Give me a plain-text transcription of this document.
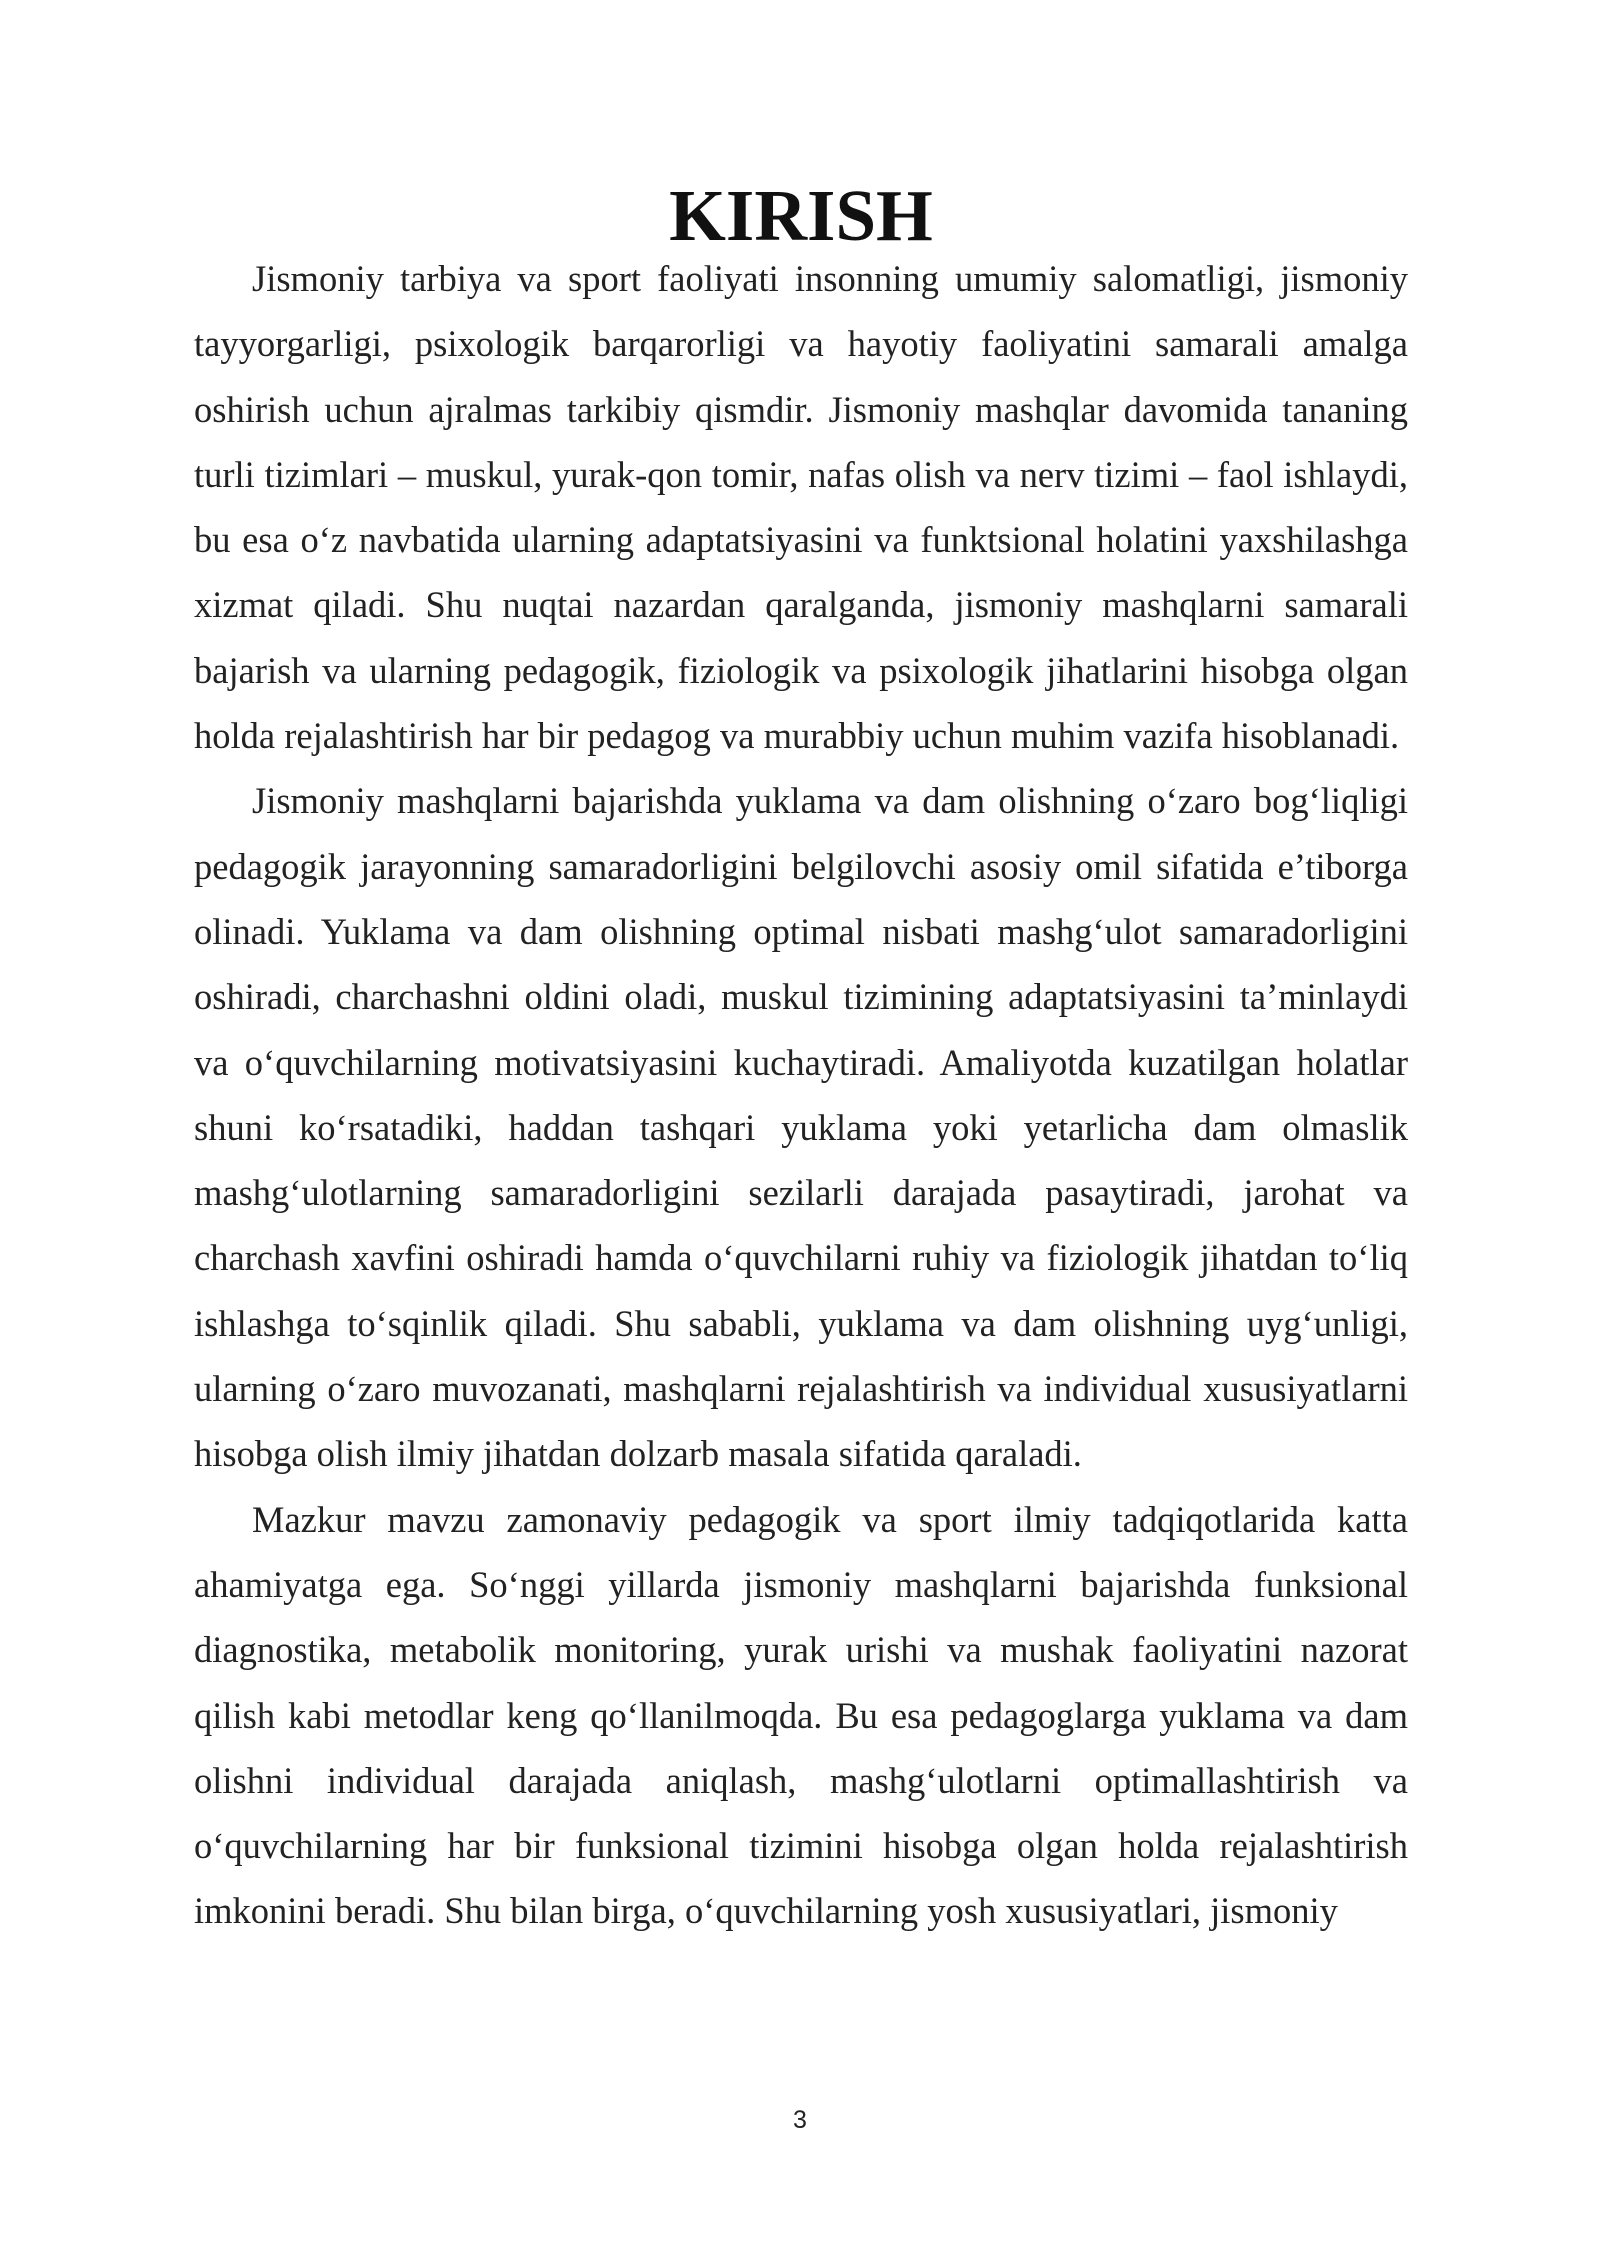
KIRISH

Jismoniy tarbiya va sport faoliyati insonning umumiy salomatligi, jismoniy tayyorgarligi, psixologik barqarorligi va hayotiy faoliyatini samarali amalga oshirish uchun ajralmas tarkibiy qismdir. Jismoniy mashqlar davomida tananing turli tizimlari – muskul, yurak-qon tomir, nafas olish va nerv tizimi – faol ishlaydi, bu esa o‘z navbatida ularning adaptatsiyasini va funktsional holatini yaxshilashga xizmat qiladi. Shu nuqtai nazardan qaralganda, jismoniy mashqlarni samarali bajarish va ularning pedagogik, fiziologik va psixologik jihatlarini hisobga olgan holda rejalashtirish har bir pedagog va murabbiy uchun muhim vazifa hisoblanadi.

Jismoniy mashqlarni bajarishda yuklama va dam olishning o‘zaro bog‘liqligi pedagogik jarayonning samaradorligini belgilovchi asosiy omil sifatida e’tiborga olinadi. Yuklama va dam olishning optimal nisbati mashg‘ulot samaradorligini oshiradi, charchashni oldini oladi, muskul tizimining adaptatsiyasini ta’minlaydi va o‘quvchilarning motivatsiyasini kuchaytiradi. Amaliyotda kuzatilgan holatlar shuni ko‘rsatadiki, haddan tashqari yuklama yoki yetarlicha dam olmaslik mashg‘ulotlarning samaradorligini sezilarli darajada pasaytiradi, jarohat va charchash xavfini oshiradi hamda o‘quvchilarni ruhiy va fiziologik jihatdan to‘liq ishlashga to‘sqinlik qiladi. Shu sababli, yuklama va dam olishning uyg‘unligi, ularning o‘zaro muvozanati, mashqlarni rejalashtirish va individual xususiyatlarni hisobga olish ilmiy jihatdan dolzarb masala sifatida qaraladi.

Mazkur mavzu zamonaviy pedagogik va sport ilmiy tadqiqotlarida katta ahamiyatga ega. So‘nggi yillarda jismoniy mashqlarni bajarishda funksional diagnostika, metabolik monitoring, yurak urishi va mushak faoliyatini nazorat qilish kabi metodlar keng qo‘llanilmoqda. Bu esa pedagoglarga yuklama va dam olishni individual darajada aniqlash, mashg‘ulotlarni optimallashtirish va o‘quvchilarning har bir funksional tizimini hisobga olgan holda rejalashtirish imkonini beradi. Shu bilan birga, o‘quvchilarning yosh xususiyatlari, jismoniy

3
